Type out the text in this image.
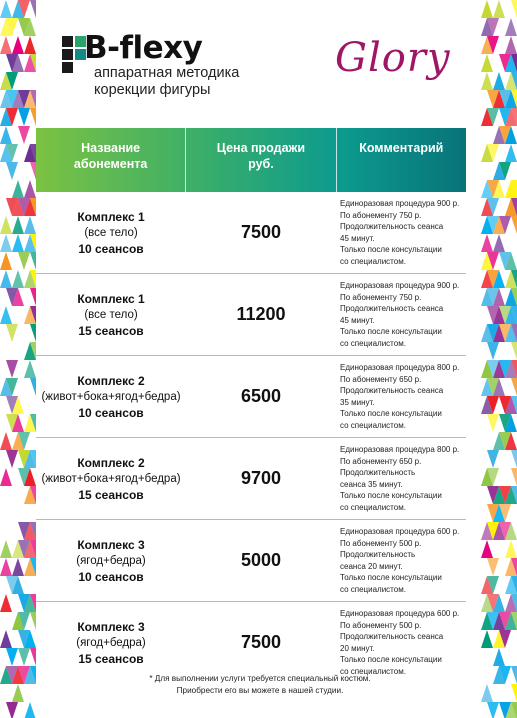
B-flexy
аппаратная методика
корекции фигуры
Glory
Название
абонемента
Цена продажи
руб.
Комментарий
Комплекс 1
(все тело)
10 сеансов
7500
Единоразовая процедура 900 р.
По абонементу 750 р.
Продолжительность сеанса
45 минут.
Только после консультации
со специалистом.
Комплекс 1
(все тело)
15 сеансов
11200
Единоразовая процедура 900 р.
По абонементу 750 р.
Продолжительность сеанса
45 минут.
Только после консультации
со специалистом.
Комплекс 2
(живот+бока+ягод+бедра)
10 сеансов
6500
Единоразовая процедура 800 р.
По абонементу 650 р.
Продолжительность сеанса
35 минут.
Только после консультации
со специалистом.
Комплекс 2
(живот+бока+ягод+бедра)
15 сеансов
9700
Единоразовая процедура 800 р.
По абонементу 650 р.
Продолжительность
сеанса 35 минут.
Только после консультации
со специалистом.
Комплекс 3
(ягод+бедра)
10 сеансов
5000
Единоразовая процедура 600 р.
По абонементу 500 р.
Продолжительность
сеанса 20 минут.
Только после консультации
со специалистом.
Комплекс 3
(ягод+бедра)
15 сеансов
7500
Единоразовая процедура 600 р.
По абонементу 500 р.
Продолжительность сеанса
20 минут.
Только после консультации
со специалистом.
* Для выполнении услуги требуется специальный костюм.
Приобрести его вы можете в нашей студии.
